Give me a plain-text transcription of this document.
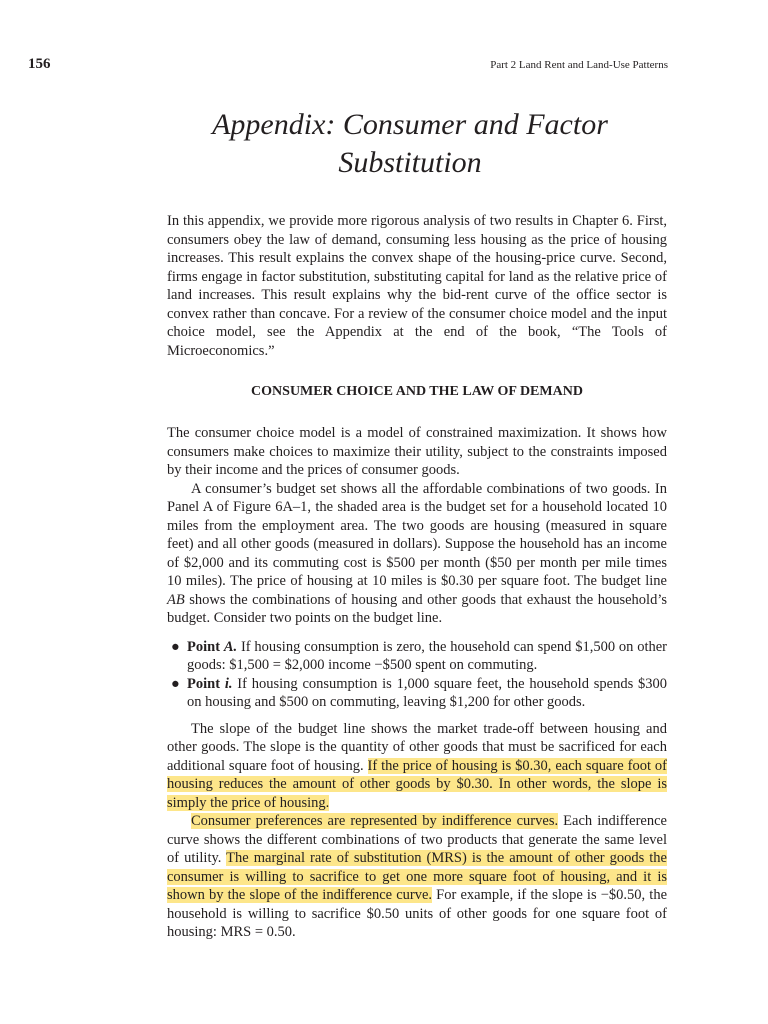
156	Part 2 Land Rent and Land-Use Patterns
Appendix: Consumer and Factor
Substitution

In this appendix, we provide more rigorous analysis of two results in Chapter 6. First, consumers obey the law of demand, consuming less housing as the price of housing increases. This result explains the convex shape of the housing-price curve. Second, firms engage in factor substitution, substituting capital for land as the relative price of land increases. This result explains why the bid-rent curve of the office sector is convex rather than concave. For a review of the consumer choice model and the input choice model, see the Appendix at the end of the book, “The Tools of Microeconomics.”

CONSUMER CHOICE AND THE LAW OF DEMAND

The consumer choice model is a model of constrained maximization. It shows how consumers make choices to maximize their utility, subject to the constraints imposed by their income and the prices of consumer goods.

A consumer’s budget set shows all the affordable combinations of two goods. In Panel A of Figure 6A–1, the shaded area is the budget set for a household located 10 miles from the employment area. The two goods are housing (measured in square feet) and all other goods (measured in dollars). Suppose the household has an income of $2,000 and its commuting cost is $500 per month ($50 per month per mile times 10 miles). The price of housing at 10 miles is $0.30 per square foot. The budget line AB shows the combinations of housing and other goods that exhaust the household’s budget. Consider two points on the budget line.

● Point A. If housing consumption is zero, the household can spend $1,500 on other goods: $1,500 = $2,000 income −$500 spent on commuting.
● Point i. If housing consumption is 1,000 square feet, the household spends $300 on housing and $500 on commuting, leaving $1,200 for other goods.

The slope of the budget line shows the market trade-off between housing and other goods. The slope is the quantity of other goods that must be sacrificed for each additional square foot of housing. If the price of housing is $0.30, each square foot of housing reduces the amount of other goods by $0.30. In other words, the slope is simply the price of housing.

Consumer preferences are represented by indifference curves. Each indifference curve shows the different combinations of two products that generate the same level of utility. The marginal rate of substitution (MRS) is the amount of other goods the consumer is willing to sacrifice to get one more square foot of housing, and it is shown by the slope of the indifference curve. For example, if the slope is −$0.50, the household is willing to sacrifice $0.50 units of other goods for one square foot of housing: MRS = 0.50.
